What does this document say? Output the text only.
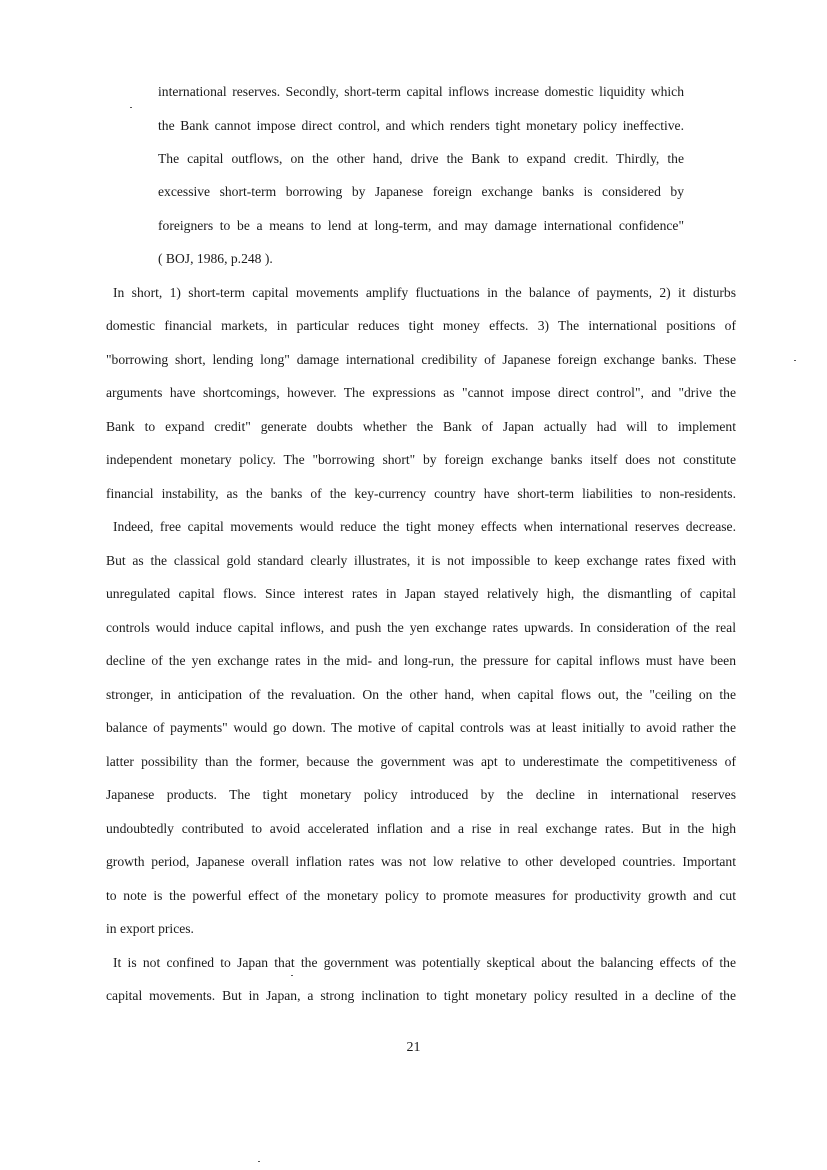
international reserves. Secondly, short-term capital inflows increase domestic liquidity which
the Bank cannot impose direct control, and which renders tight monetary policy ineffective.
The capital outflows, on the other hand, drive the Bank to expand credit. Thirdly, the
excessive short-term borrowing by Japanese foreign exchange banks is considered by
foreigners to be a means to lend at long-term, and may damage international confidence"
( BOJ, 1986, p.248 ).
In short, 1) short-term capital movements amplify fluctuations in the balance of payments, 2) it disturbs
domestic financial markets, in particular reduces tight money effects. 3) The international positions of
"borrowing short, lending long" damage international credibility of Japanese foreign exchange banks. These
arguments have shortcomings, however. The expressions as "cannot impose direct control", and "drive the
Bank to expand credit" generate doubts whether the Bank of Japan actually had will to implement
independent monetary policy. The "borrowing short" by foreign exchange banks itself does not constitute
financial instability, as the banks of the key-currency country have short-term liabilities to non-residents.
Indeed, free capital movements would reduce the tight money effects when international reserves decrease.
But as the classical gold standard clearly illustrates, it is not impossible to keep exchange rates fixed with
unregulated capital flows. Since interest rates in Japan stayed relatively high, the dismantling of capital
controls would induce capital inflows, and push the yen exchange rates upwards. In consideration of the real
decline of the yen exchange rates in the mid- and long-run, the pressure for capital inflows must have been
stronger, in anticipation of the revaluation. On the other hand, when capital flows out, the "ceiling on the
balance of payments" would go down. The motive of capital controls was at least initially to avoid rather the
latter possibility than the former, because the government was apt to underestimate the competitiveness of
Japanese products. The tight monetary policy introduced by the decline in international reserves
undoubtedly contributed to avoid accelerated inflation and a rise in real exchange rates. But in the high
growth period, Japanese overall inflation rates was not low relative to other developed countries. Important
to note is the powerful effect of the monetary policy to promote measures for productivity growth and cut
in export prices.
It is not confined to Japan that the government was potentially skeptical about the balancing effects of the
capital movements. But in Japan, a strong inclination to tight monetary policy resulted in a decline of the
21
